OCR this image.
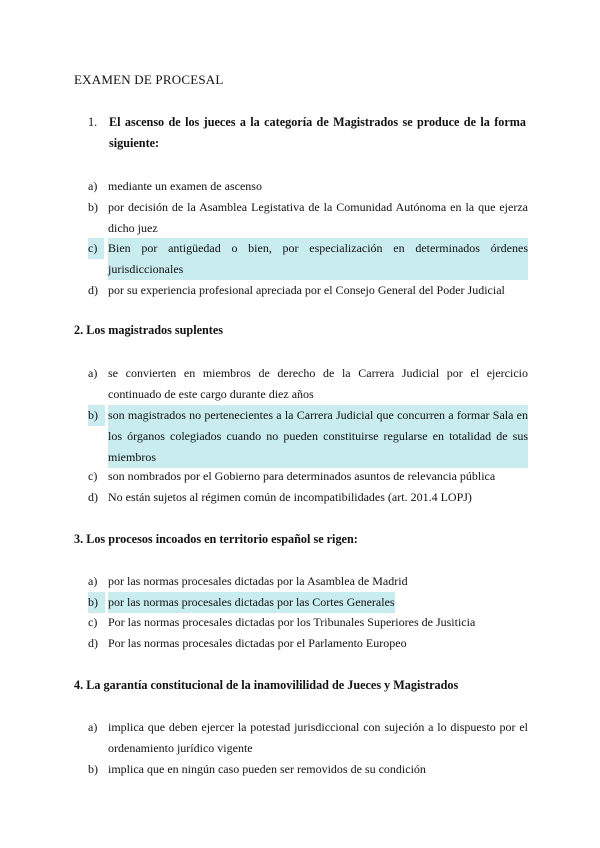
EXAMEN DE PROCESAL
1. El ascenso de los jueces a la categoría de Magistrados se produce de la forma siguiente:
a) mediante un examen de ascenso
b) por decisión de la Asamblea Legistativa de la Comunidad Autónoma en la que ejerza dicho juez
c) Bien por antigüedad o bien, por especialización en determinados órdenes jurisdiccionales
d) por su experiencia profesional apreciada por el Consejo General del Poder Judicial
2. Los magistrados suplentes
a) se convierten en miembros de derecho de la Carrera Judicial por el ejercicio continuado de este cargo durante diez años
b) son magistrados no pertenecientes a la Carrera Judicial que concurren a formar Sala en los órganos colegiados cuando no pueden constituirse regularse en totalidad de sus miembros
c) son nombrados por el Gobierno para determinados asuntos de relevancia pública
d) No están sujetos al régimen común de incompatibilidades (art. 201.4 LOPJ)
3. Los procesos incoados en territorio español se rigen:
a) por las normas procesales dictadas por la Asamblea de Madrid
b) por las normas procesales dictadas por las Cortes Generales
c) Por las normas procesales dictadas por los Tribunales Superiores de Jusiticia
d) Por las normas procesales dictadas por el Parlamento Europeo
4. La garantía constitucional de la inamovililidad de Jueces y Magistrados
a) implica que deben ejercer la potestad jurisdiccional con sujeción a lo dispuesto por el ordenamiento jurídico vigente
b) implica que en ningún caso pueden ser removidos de su condición
